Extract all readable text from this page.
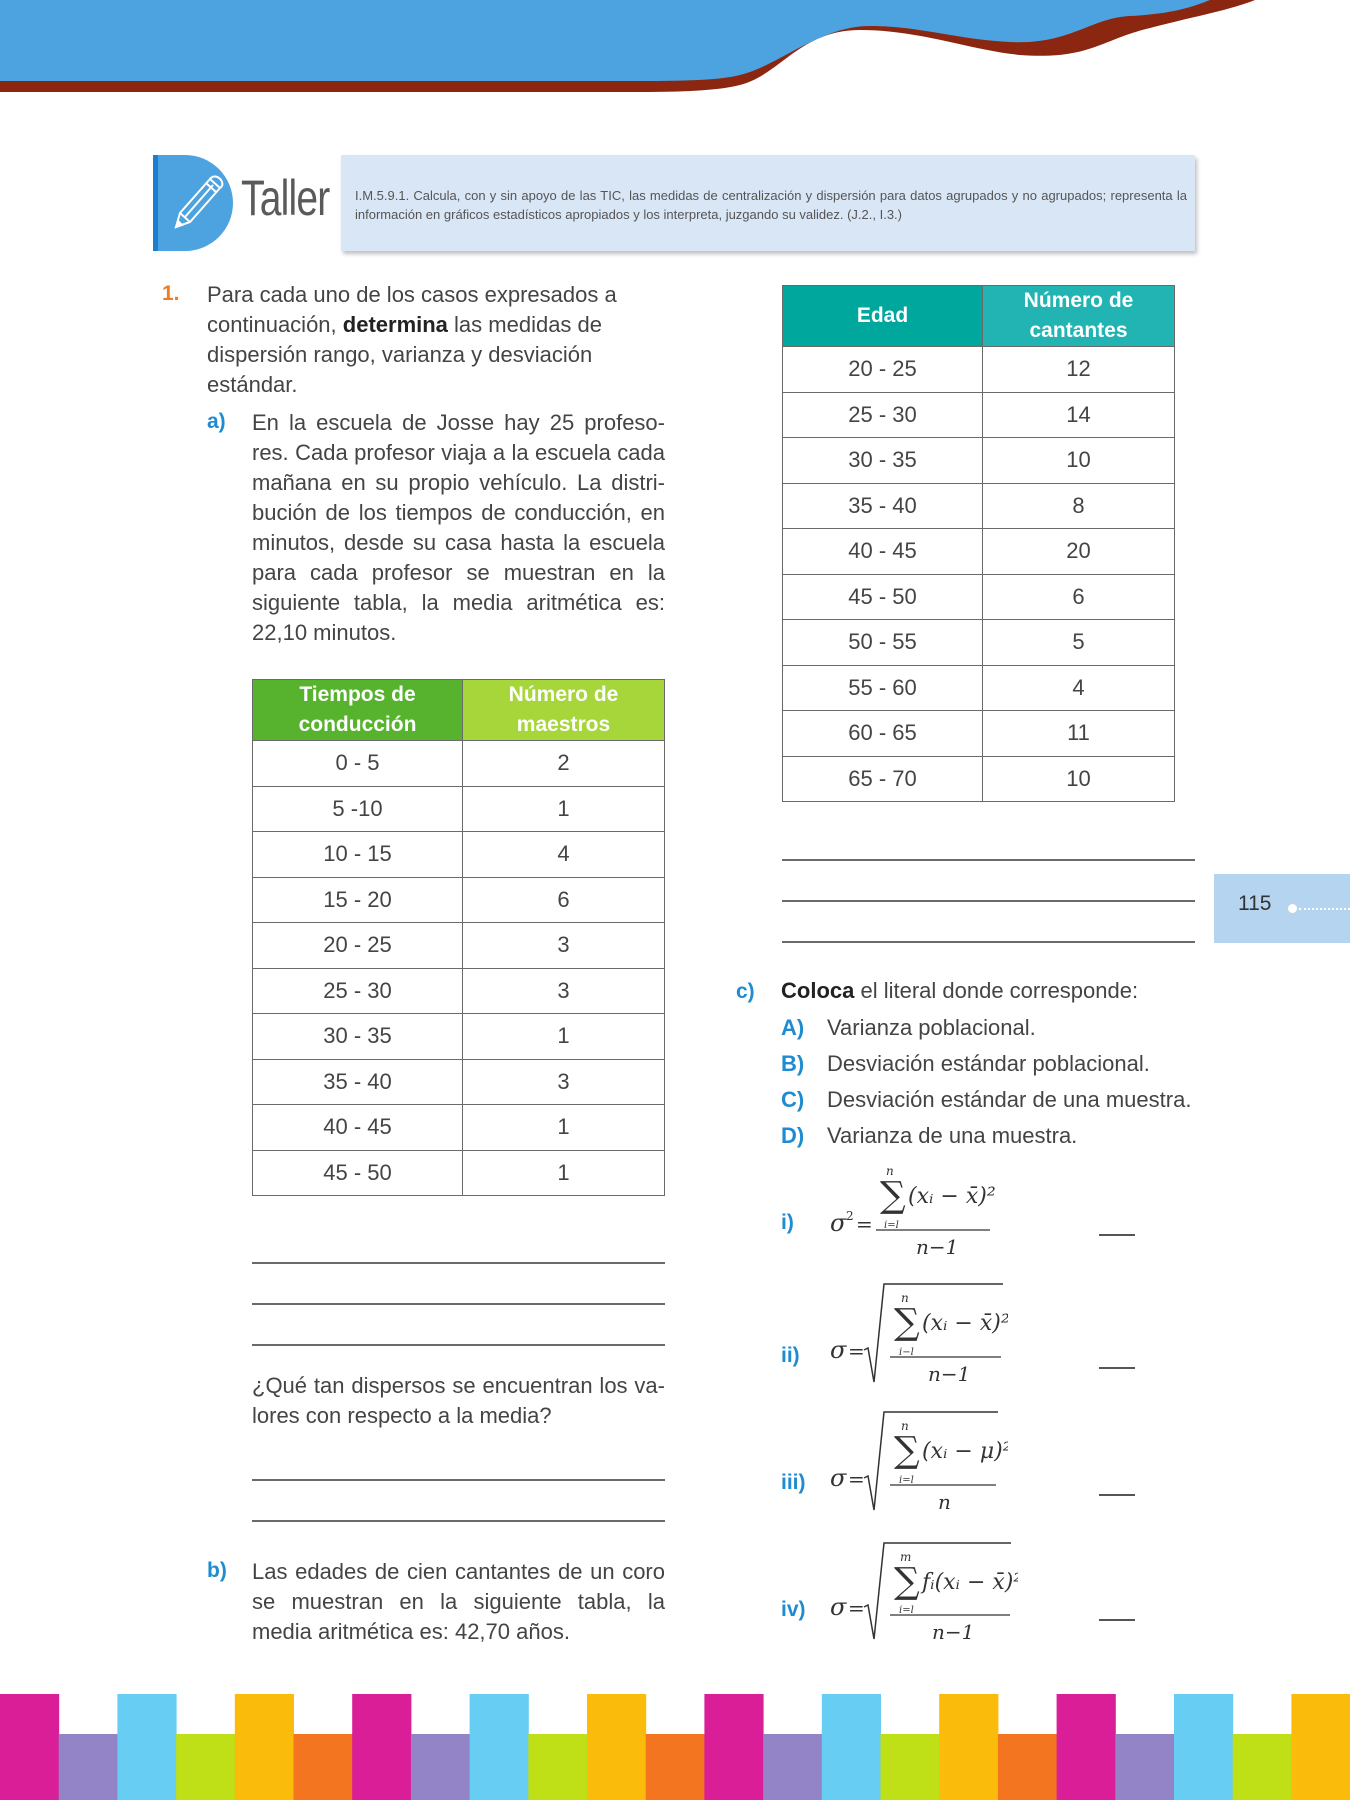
Taller	I.M.5.9.1. Calcula, con y sin apoyo de las TIC, las medidas de centralización y dispersión para datos agrupados y no agrupados; representa la información en gráficos estadísticos apropiados y los interpreta, juzgando su validez. (J.2., I.3.)
1. Para cada uno de los casos expresados a continuación, determina las medidas de dispersión rango, varianza y desviación estándar.
a) En la escuela de Josse hay 25 profesores. Cada profesor viaja a la escuela cada mañana en su propio vehículo. La distribución de los tiempos de conducción, en minutos, desde su casa hasta la escuela para cada profesor se muestran en la siguiente tabla, la media aritmética es: 22,10 minutos.
Tiempos de conducción	Número de maestros
0 - 5	2
5 -10	1
10 - 15	4
15 - 20	6
20 - 25	3
25 - 30	3
30 - 35	1
35 - 40	3
40 - 45	1
45 - 50	1
¿Qué tan dispersos se encuentran los valores con respecto a la media?
b) Las edades de cien cantantes de un coro se muestran en la siguiente tabla, la media aritmética es: 42,70 años.
Edad	Número de cantantes
20 - 25	12
25 - 30	14
30 - 35	10
35 - 40	8
40 - 45	20
45 - 50	6
50 - 55	5
55 - 60	4
60 - 65	11
65 - 70	10
115
c) Coloca el literal donde corresponde:
A) Varianza poblacional.
B) Desviación estándar poblacional.
C) Desviación estándar de una muestra.
D) Varianza de una muestra.
i) σ 2 =
n
∑
i=l
(xᵢ − x̄)²
n−1
ii) σ =
n
∑
i−l
(xᵢ − x̄)²
n−1
iii) σ =
n
∑
i=l
(xᵢ − μ)²
n
iv) σ =
m
∑
i=l
fᵢ(xᵢ − x̄)²
n−1
